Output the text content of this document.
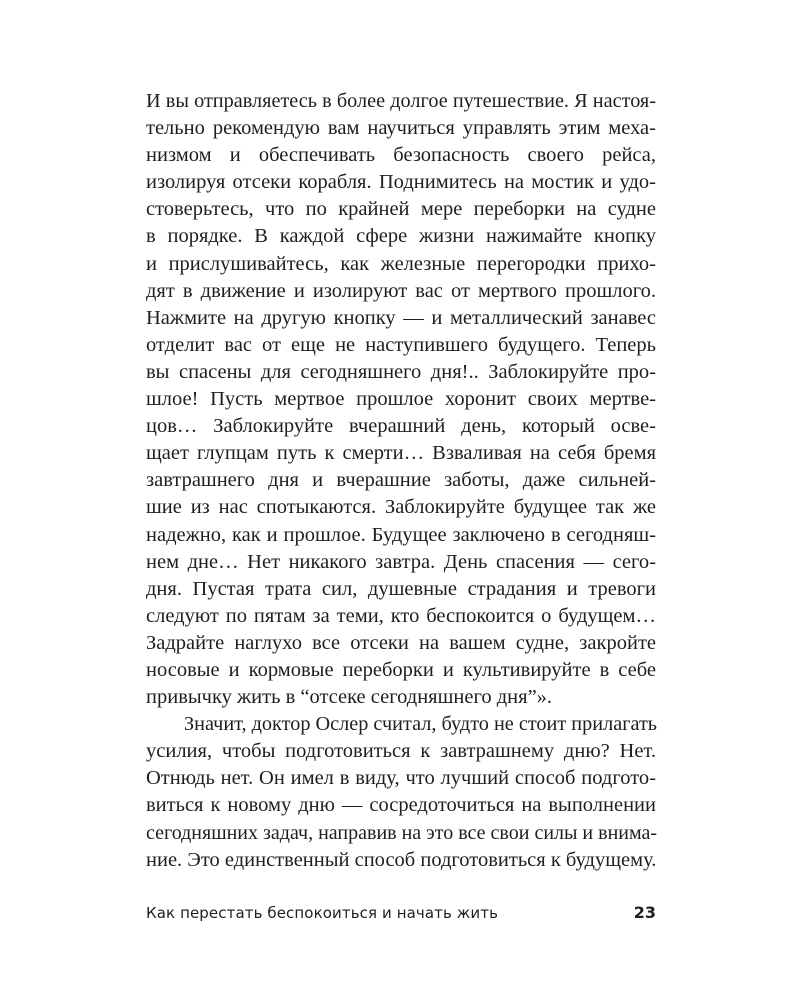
И вы отправляетесь в более долгое путешествие. Я настоя-
тельно рекомендую вам научиться управлять этим меха-
низмом и обеспечивать безопасность своего рейса,
изолируя отсеки корабля. Поднимитесь на мостик и удо-
стоверьтесь, что по крайней мере переборки на судне
в порядке. В каждой сфере жизни нажимайте кнопку
и прислушивайтесь, как железные перегородки прихо-
дят в движение и изолируют вас от мертвого прошлого.
Нажмите на другую кнопку — и металлический занавес
отделит вас от еще не наступившего будущего. Теперь
вы спасены для сегодняшнего дня!.. Заблокируйте про-
шлое! Пусть мертвое прошлое хоронит своих мертве-
цов… Заблокируйте вчерашний день, который осве-
щает глупцам путь к смерти… Взваливая на себя бремя
завтрашнего дня и вчерашние заботы, даже сильней-
шие из нас спотыкаются. Заблокируйте будущее так же
надежно, как и прошлое. Будущее заключено в сегодняш-
нем дне… Нет никакого завтра. День спасения — сего-
дня. Пустая трата сил, душевные страдания и тревоги
следуют по пятам за теми, кто беспокоится о будущем…
Задрайте наглухо все отсеки на вашем судне, закройте
носовые и кормовые переборки и культивируйте в себе
привычку жить в “отсеке сегодняшнего дня”».
Значит, доктор Ослер считал, будто не стоит прилагать
усилия, чтобы подготовиться к завтрашнему дню? Нет.
Отнюдь нет. Он имел в виду, что лучший способ подгото-
виться к новому дню — сосредоточиться на выполнении
сегодняшних задач, направив на это все свои силы и внима-
ние. Это единственный способ подготовиться к будущему.
Как перестать беспокоиться и начать жить	23
